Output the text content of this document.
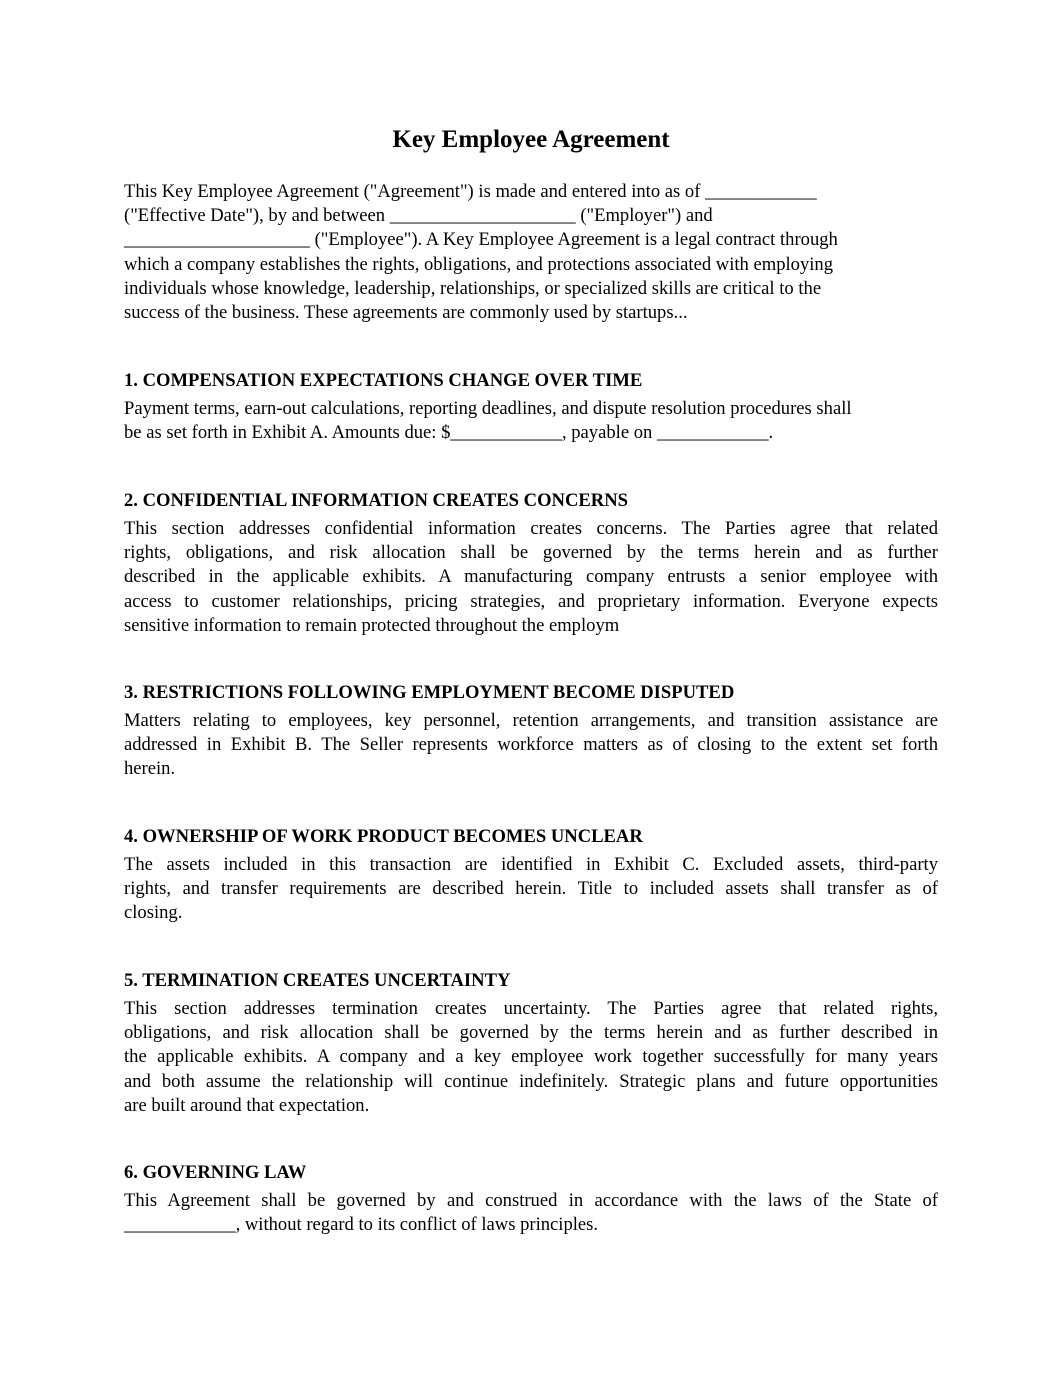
Key Employee Agreement
This Key Employee Agreement ("Agreement") is made and entered into as of ____________
("Effective Date"), by and between ____________________ ("Employer") and
____________________ ("Employee"). A Key Employee Agreement is a legal contract through
which a company establishes the rights, obligations, and protections associated with employing
individuals whose knowledge, leadership, relationships, or specialized skills are critical to the
success of the business. These agreements are commonly used by startups...
1. COMPENSATION EXPECTATIONS CHANGE OVER TIME
Payment terms, earn-out calculations, reporting deadlines, and dispute resolution procedures shall
be as set forth in Exhibit A. Amounts due: $____________, payable on ____________.
2. CONFIDENTIAL INFORMATION CREATES CONCERNS
This section addresses confidential information creates concerns. The Parties agree that related
rights, obligations, and risk allocation shall be governed by the terms herein and as further
described in the applicable exhibits. A manufacturing company entrusts a senior employee with
access to customer relationships, pricing strategies, and proprietary information. Everyone expects
sensitive information to remain protected throughout the employm
3. RESTRICTIONS FOLLOWING EMPLOYMENT BECOME DISPUTED
Matters relating to employees, key personnel, retention arrangements, and transition assistance are
addressed in Exhibit B. The Seller represents workforce matters as of closing to the extent set forth
herein.
4. OWNERSHIP OF WORK PRODUCT BECOMES UNCLEAR
The assets included in this transaction are identified in Exhibit C. Excluded assets, third-party
rights, and transfer requirements are described herein. Title to included assets shall transfer as of
closing.
5. TERMINATION CREATES UNCERTAINTY
This section addresses termination creates uncertainty. The Parties agree that related rights,
obligations, and risk allocation shall be governed by the terms herein and as further described in
the applicable exhibits. A company and a key employee work together successfully for many years
and both assume the relationship will continue indefinitely. Strategic plans and future opportunities
are built around that expectation.
6. GOVERNING LAW
This Agreement shall be governed by and construed in accordance with the laws of the State of
____________, without regard to its conflict of laws principles.
